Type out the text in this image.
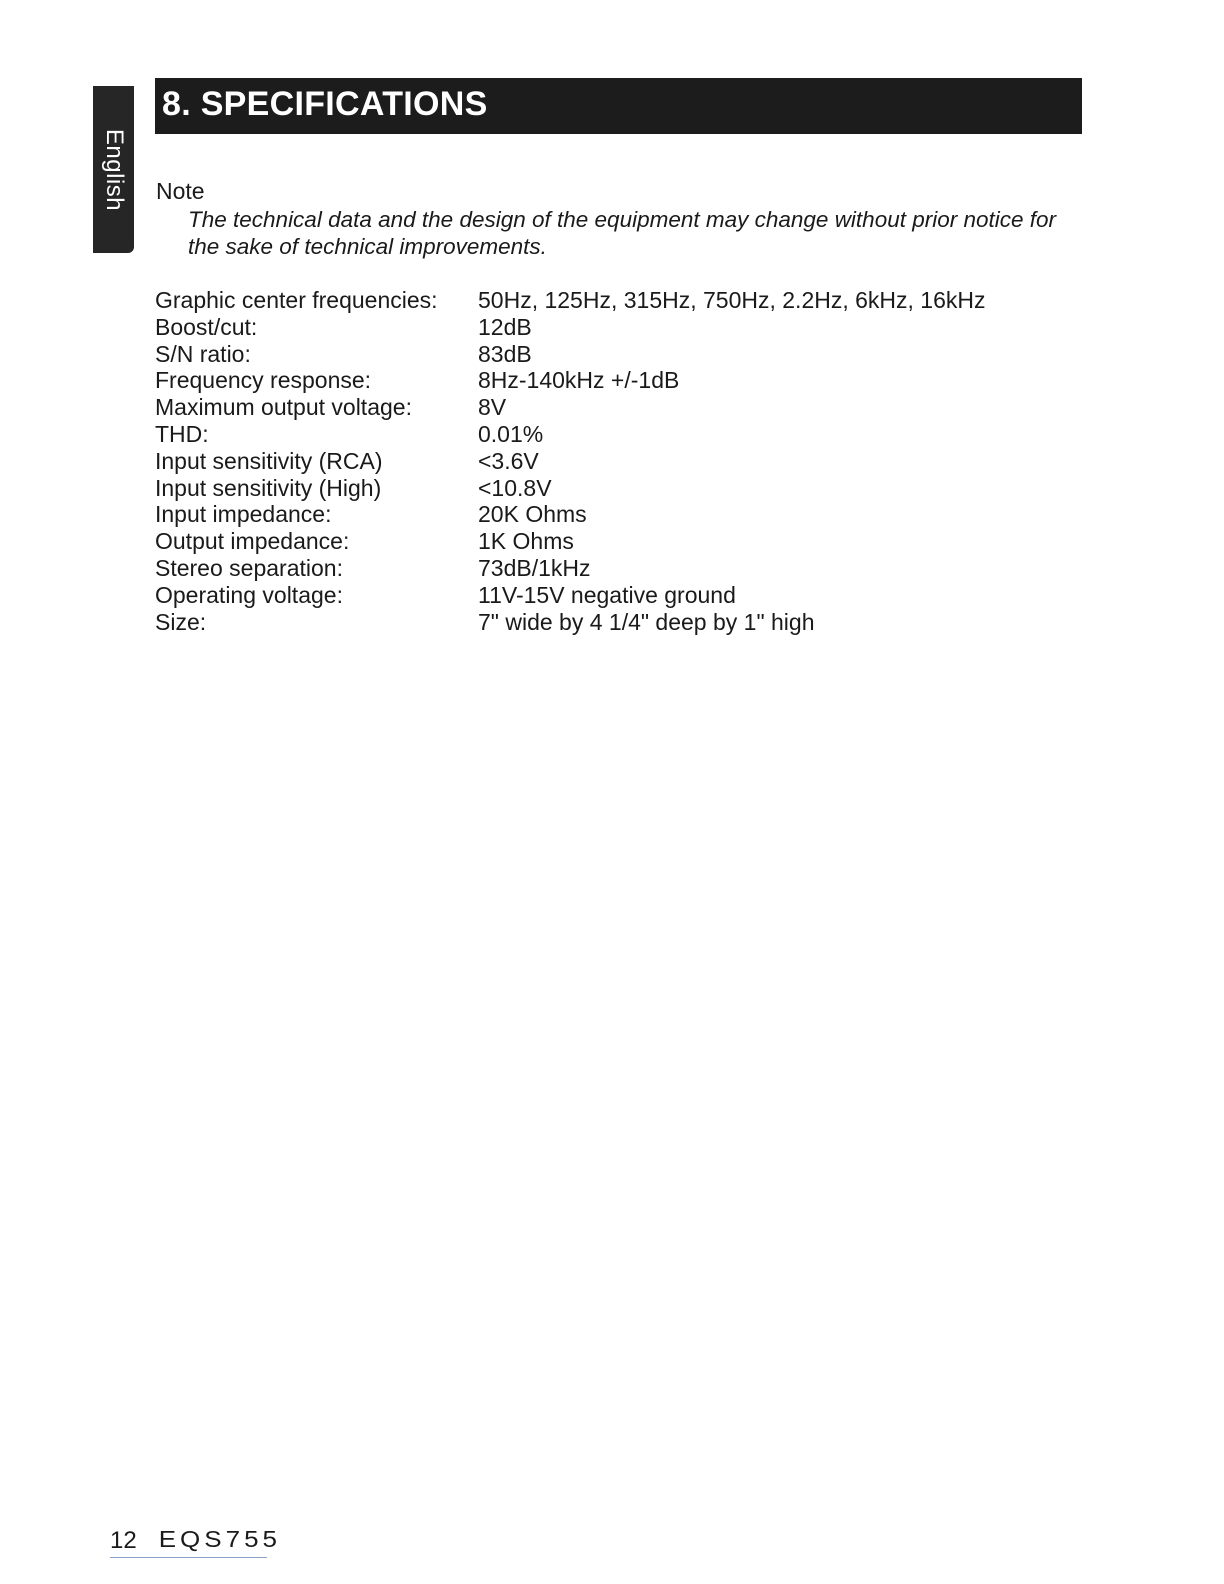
English
8. SPECIFICATIONS
Note
The technical data and the design of the equipment may change without prior notice for the sake of technical improvements.
Graphic center frequencies:	50Hz, 125Hz, 315Hz, 750Hz, 2.2Hz, 6kHz, 16kHz
Boost/cut:	12dB
S/N ratio:	83dB
Frequency response:	8Hz-140kHz +/-1dB
Maximum output voltage:	8V
THD:	0.01%
Input sensitivity (RCA)	<3.6V
Input sensitivity (High)	<10.8V
Input impedance:	20K Ohms
Output impedance:	1K Ohms
Stereo separation:	73dB/1kHz
Operating voltage:	11V-15V negative ground
Size:	7" wide by 4 1/4" deep by 1" high
12 EQS755
